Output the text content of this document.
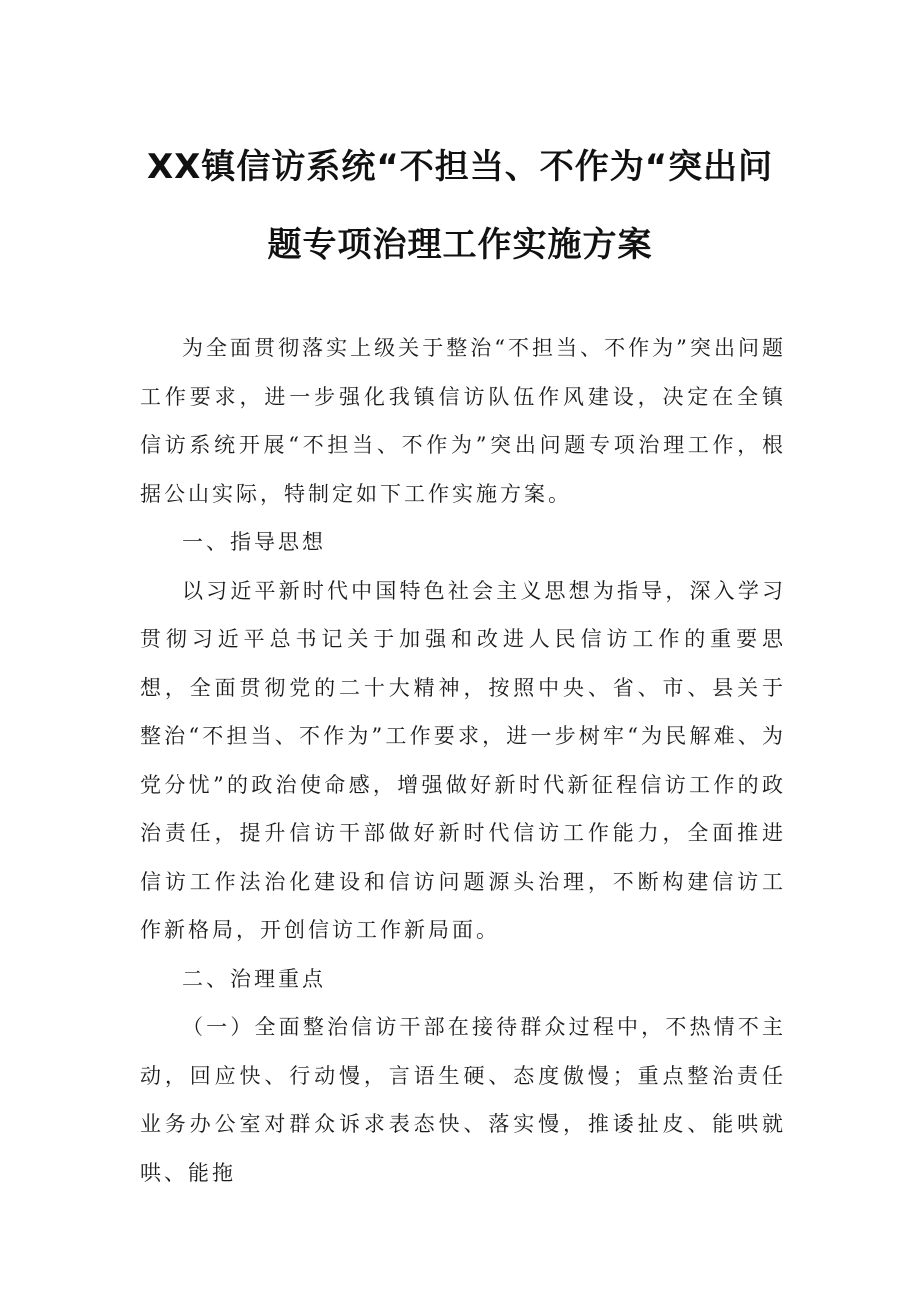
XX镇信访系统“不担当、不作为“突出问
题专项治理工作实施方案

为全面贯彻落实上级关于整治“不担当、不作为”突出问题工作要求，进一步强化我镇信访队伍作风建设，决定在全镇信访系统开展“不担当、不作为”突出问题专项治理工作，根据公山实际，特制定如下工作实施方案。

一、指导思想

以习近平新时代中国特色社会主义思想为指导，深入学习贯彻习近平总书记关于加强和改进人民信访工作的重要思想，全面贯彻党的二十大精神，按照中央、省、市、县关于整治“不担当、不作为”工作要求，进一步树牢“为民解难、为党分忧”的政治使命感，增强做好新时代新征程信访工作的政治责任，提升信访干部做好新时代信访工作能力，全面推进信访工作法治化建设和信访问题源头治理，不断构建信访工作新格局，开创信访工作新局面。

二、治理重点

（一）全面整治信访干部在接待群众过程中，不热情不主动，回应快、行动慢，言语生硬、态度傲慢；重点整治责任业务办公室对群众诉求表态快、落实慢，推诿扯皮、能哄就哄、能拖
